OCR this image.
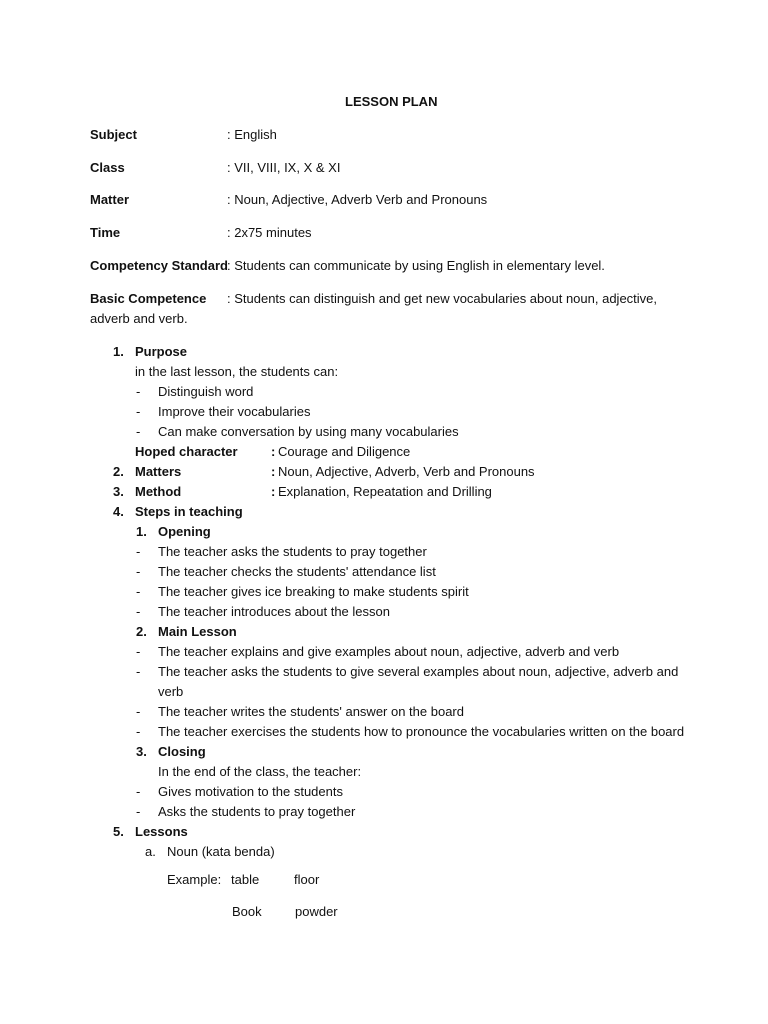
LESSON PLAN
Subject	: English
Class	: VII, VIII, IX, X & XI
Matter	: Noun, Adjective, Adverb Verb and Pronouns
Time	: 2x75 minutes
Competency Standard : Students can communicate by using English in elementary level.
Basic Competence : Students can distinguish and get new vocabularies about noun, adjective,
adverb and verb.
1. Purpose
in the last lesson, the students can:
-
Distinguish word
-
Improve their vocabularies
-
Can make conversation by using many vocabularies
Hoped character	: Courage and Diligence
2. Matters	: Noun, Adjective, Adverb, Verb and Pronouns
3. Method	: Explanation, Repeatation and Drilling
4. Steps in teaching
1. Opening
-
The teacher asks the students to pray together
-
The teacher checks the students' attendance list
-
The teacher gives ice breaking to make students spirit
-
The teacher introduces about the lesson
2. Main Lesson
-
The teacher explains and give examples about noun, adjective, adverb and verb
-
The teacher asks the students to give several examples about noun, adjective, adverb and
verb
-
The teacher writes the students' answer on the board
-
The teacher exercises the students how to pronounce the vocabularies written on the board
3. Closing
In the end of the class, the teacher:
-
Gives motivation to the students
-
Asks the students to pray together
5. Lessons
a. Noun (kata benda)
Example: table	floor
Book	powder
